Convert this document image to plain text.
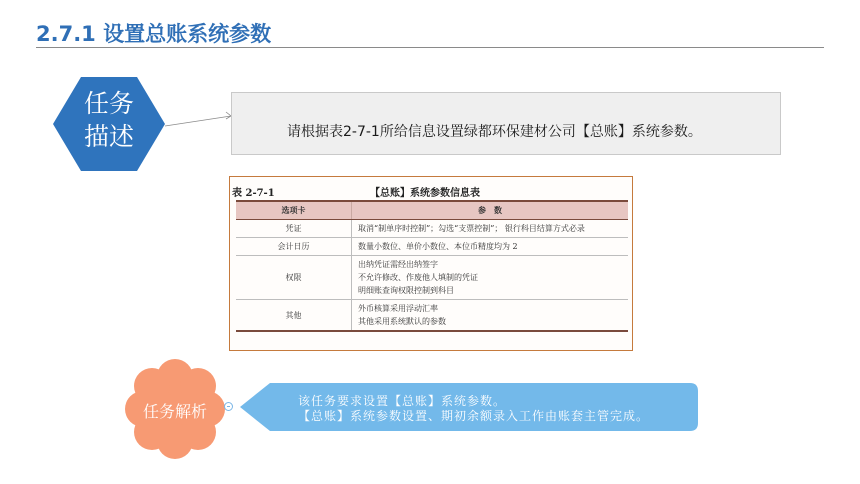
2.7.1 设置总账系统参数
任务
描述	请根据表2-7-1所给信息设置绿都环保建材公司【总账】系统参数。
表 2-7-1	【总账】系统参数信息表
选项卡	参　数
凭证	取消“制单序时控制”；勾选“支票控制”； 银行科目结算方式必录

会计日历	数量小数位、单价小数位、本位币精度均为 2

权限	出纳凭证需经出纳签字
不允许修改、作废他人填制的凭证
明细账查询权限控制到科目

其他	外币核算采用浮动汇率
其他采用系统默认的参数
任务解析
该任务要求设置【总账】系统参数。
【总账】系统参数设置、期初余额录入工作由账套主管完成。
